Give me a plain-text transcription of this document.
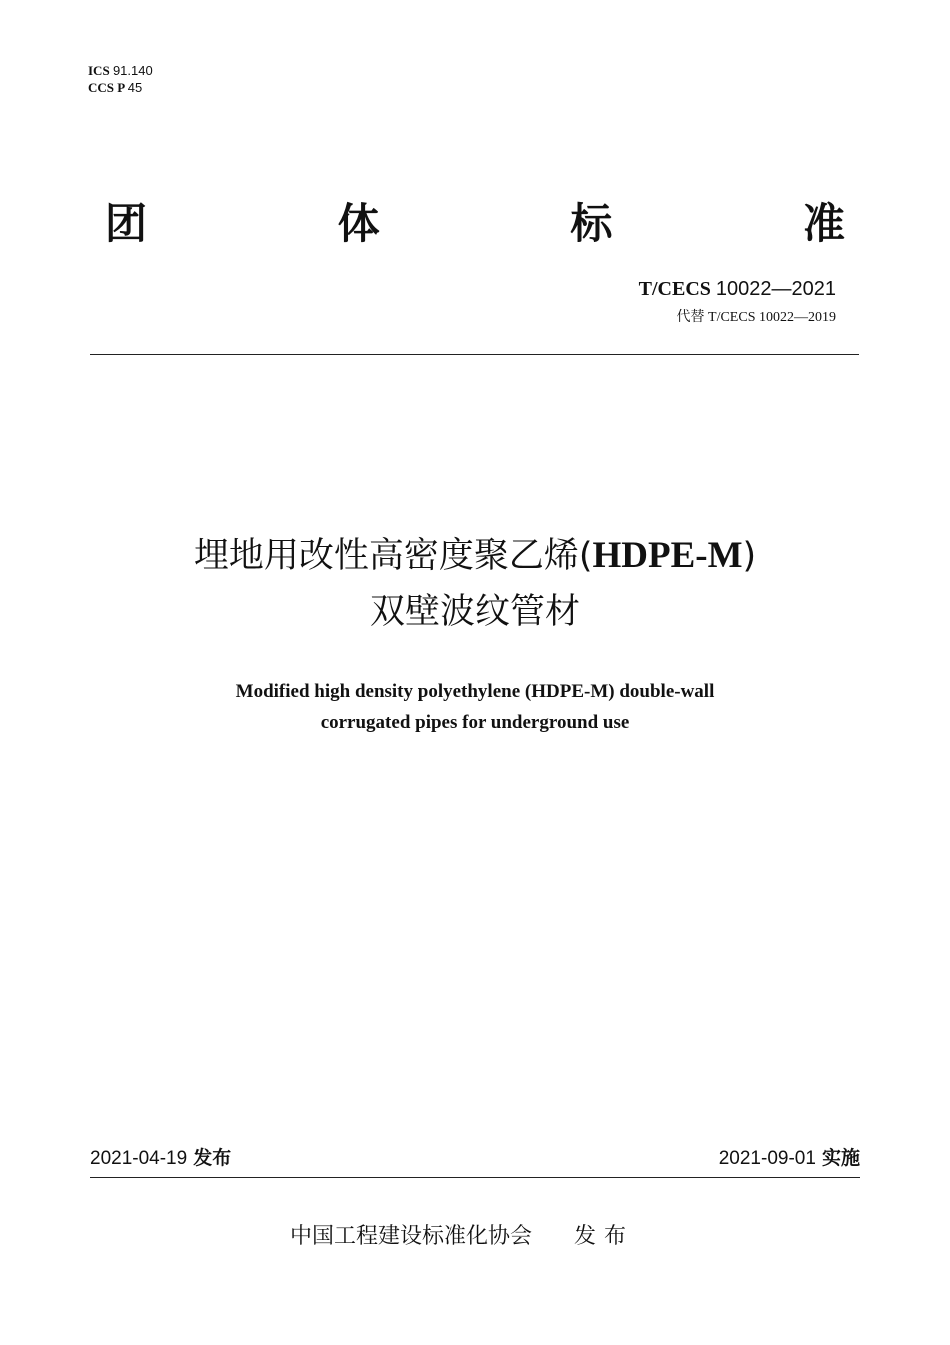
ICS 91.140
CCS P 45
团	体	标	准
T/CECS 10022—2021
代替 T/CECS 10022—2019
埋地用改性高密度聚乙烯(HDPE-M)
双壁波纹管材
Modified high density polyethylene (HDPE-M) double-wall
corrugated pipes for underground use
2021-04-19 发布	2021-09-01 实施
中国工程建设标准化协会 发布
